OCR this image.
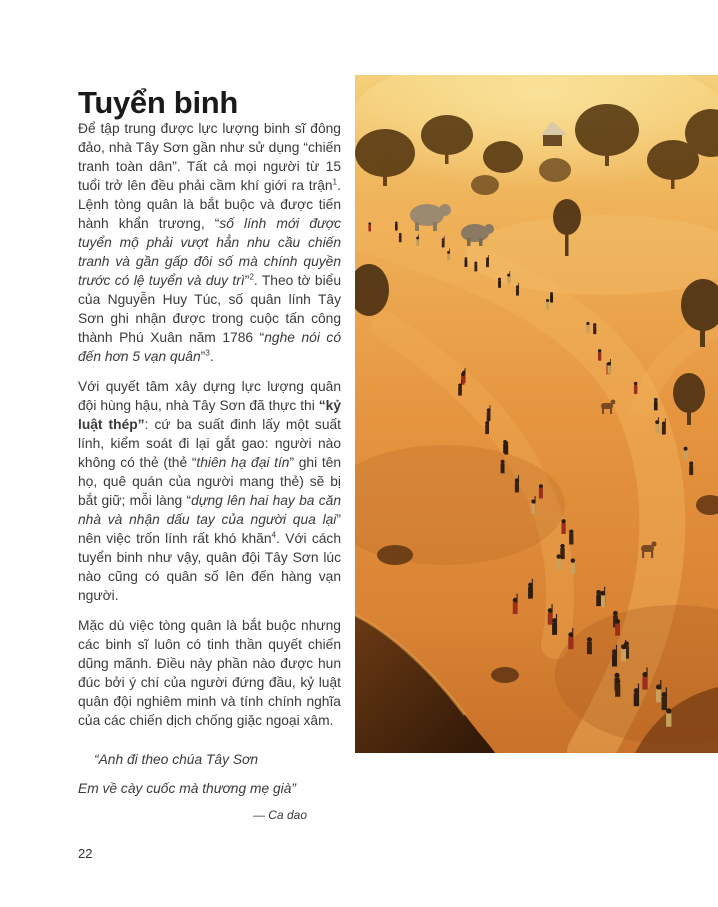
Tuyển binh

Để tập trung được lực lượng binh sĩ đông đảo, nhà Tây Sơn gần như sử dụng “chiến tranh toàn dân”. Tất cả mọi người từ 15 tuổi trở lên đều phải cầm khí giới ra trận$^1$. Lệnh tòng quân là bắt buộc và được tiến hành khẩn trương, “số lính mới được tuyển mộ phải vượt hẳn nhu cầu chiến tranh và gần gấp đôi số mà chính quyền trước có lệ tuyển và duy trì”$^2$. Theo tờ biểu của Nguyễn Huy Túc, số quân lính Tây Sơn ghi nhận được trong cuộc tấn công thành Phú Xuân năm 1786 “nghe nói có đến hơn 5 vạn quân”$^3$.

Với quyết tâm xây dựng lực lượng quân đội hùng hậu, nhà Tây Sơn đã thực thi “kỷ luật thép”: cứ ba suất đinh lấy một suất lính, kiểm soát đi lại gắt gao: người nào không có thẻ (thẻ “thiên hạ đại tín” ghi tên họ, quê quán của người mang thẻ) sẽ bị bắt giữ; mỗi làng “dựng lên hai hay ba căn nhà và nhận dấu tay của người qua lại” nên việc trốn lính rất khó khăn$^4$. Với cách tuyển binh như vậy, quân đội Tây Sơn lúc nào cũng có quân số lên đến hàng vạn người.

Mặc dù việc tòng quân là bắt buộc nhưng các binh sĩ luôn có tinh thần quyết chiến dũng mãnh. Điều này phần nào được hun đúc bởi ý chí của người đứng đầu, kỷ luật quân đội nghiêm minh và tính chính nghĩa của các chiến dịch chống giặc ngoại xâm.

“Anh đi theo chúa Tây Sơn

Em về cày cuốc mà thương mẹ già”

— Ca dao

22
